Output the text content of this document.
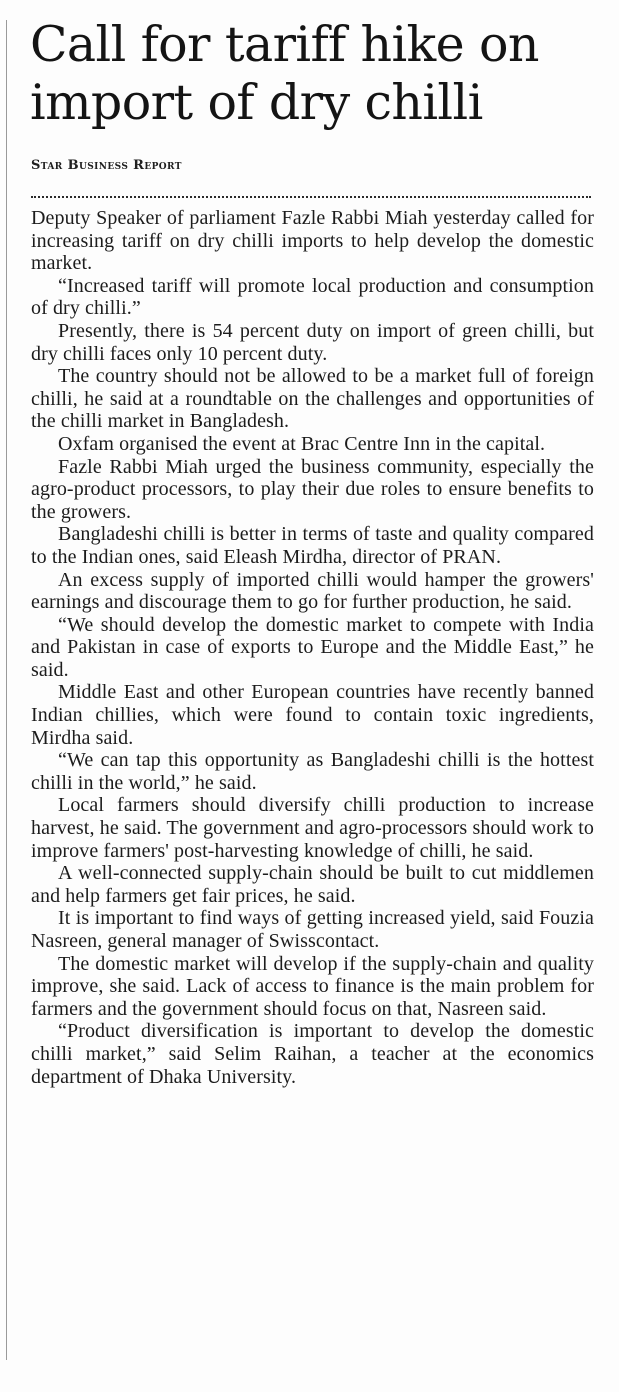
Call for tariff hike on
import of dry chilli
Star Business Report

Deputy Speaker of parliament Fazle Rabbi Miah yesterday called for increasing tariff on dry chilli imports to help develop the domestic market.

“Increased tariff will promote local production and consumption of dry chilli.”

Presently, there is 54 percent duty on import of green chilli, but dry chilli faces only 10 percent duty.

The country should not be allowed to be a market full of foreign chilli, he said at a roundtable on the challenges and opportunities of the chilli market in Bangladesh.

Oxfam organised the event at Brac Centre Inn in the capital.

Fazle Rabbi Miah urged the business community, especially the agro-product processors, to play their due roles to ensure benefits to the growers.

Bangladeshi chilli is better in terms of taste and quality compared to the Indian ones, said Eleash Mirdha, director of PRAN.

An excess supply of imported chilli would hamper the growers' earnings and discourage them to go for further production, he said.

“We should develop the domestic market to compete with India and Pakistan in case of exports to Europe and the Middle East,” he said.

Middle East and other European countries have recently banned Indian chillies, which were found to contain toxic ingredients, Mirdha said.

“We can tap this opportunity as Bangladeshi chilli is the hottest chilli in the world,” he said.

Local farmers should diversify chilli production to increase harvest, he said. The government and agro-processors should work to improve farmers' post-harvesting knowledge of chilli, he said.

A well-connected supply-chain should be built to cut middlemen and help farmers get fair prices, he said.

It is important to find ways of getting increased yield, said Fouzia Nasreen, general manager of Swisscontact.

The domestic market will develop if the supply-chain and quality improve, she said. Lack of access to finance is the main problem for farmers and the government should focus on that, Nasreen said.

“Product diversification is important to develop the domestic chilli market,” said Selim Raihan, a teacher at the economics department of Dhaka University.
